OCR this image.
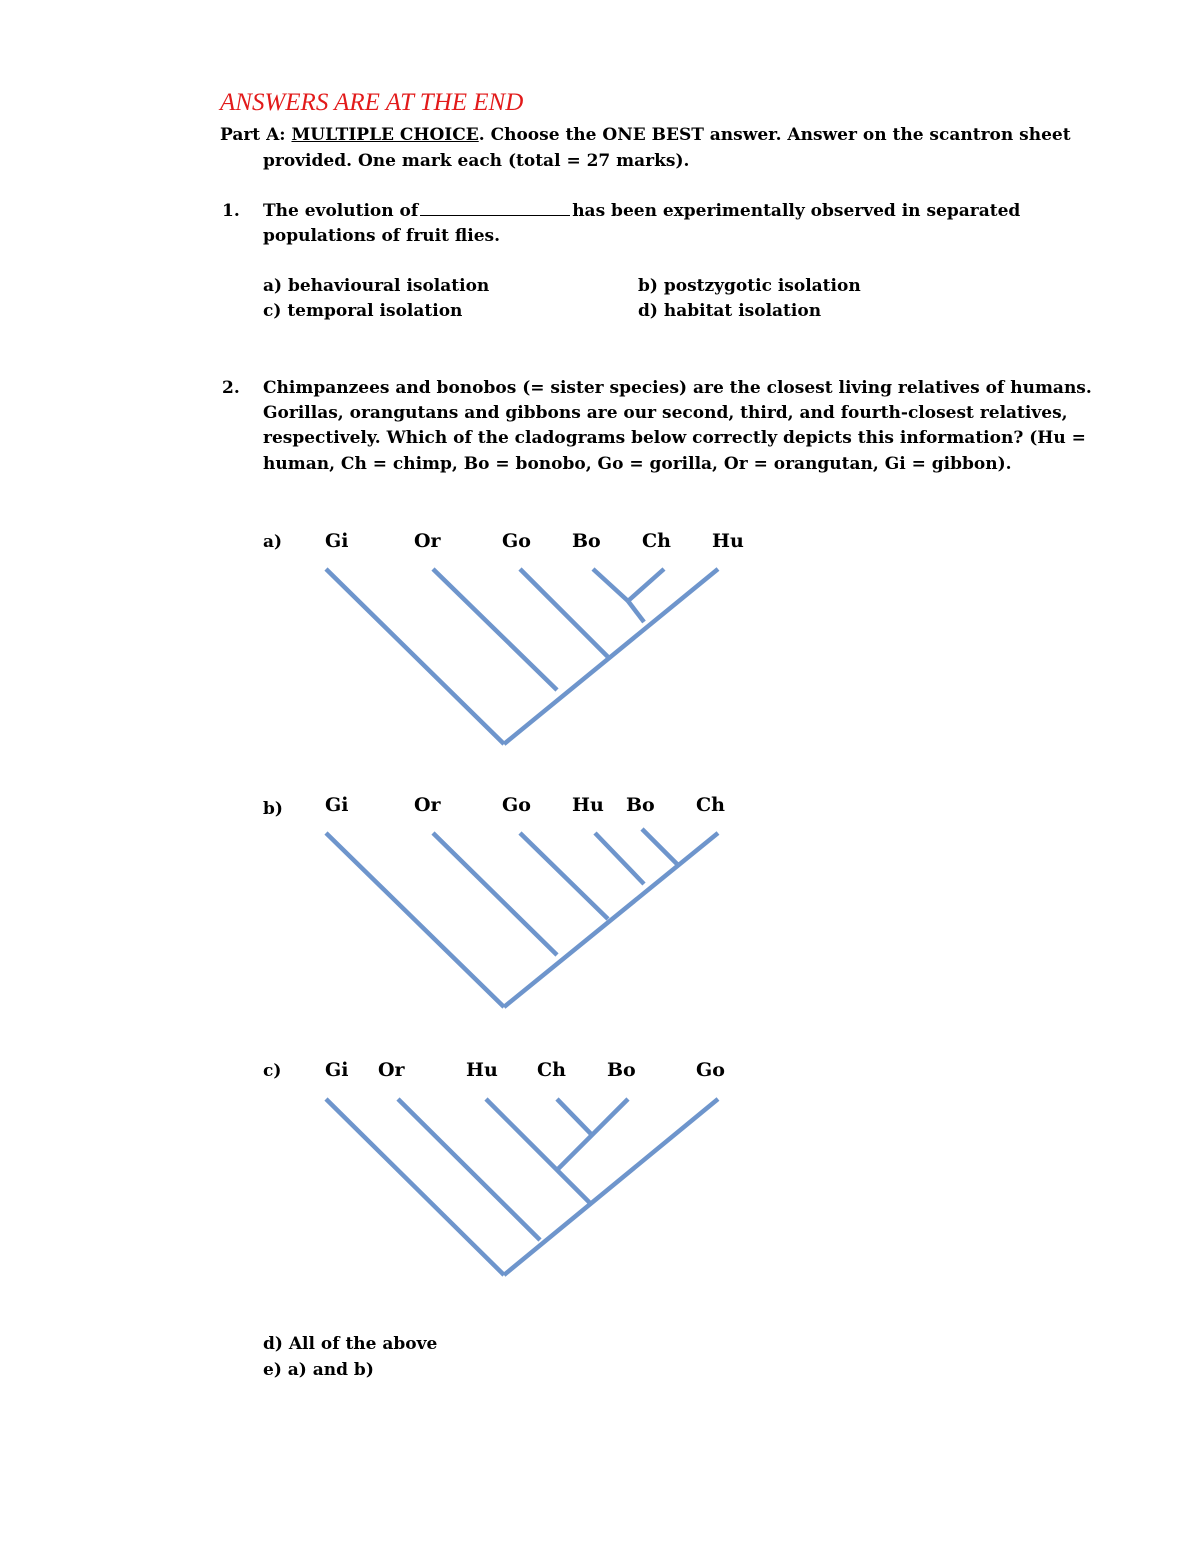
ANSWERS ARE AT THE END
Part A: MULTIPLE CHOICE. Choose the ONE BEST answer. Answer on the scantron sheet
provided. One mark each (total = 27 marks).
1. The evolution of	has been experimentally observed in separated
populations of fruit flies.
a) behavioural isolation	b) postzygotic isolation
c) temporal isolation	d) habitat isolation
2. Chimpanzees and bonobos (= sister species) are the closest living relatives of humans.
Gorillas, orangutans and gibbons are our second, third, and fourth-closest relatives,
respectively. Which of the cladograms below correctly depicts this information? (Hu =
human, Ch = chimp, Bo = bonobo, Go = gorilla, Or = orangutan, Gi = gibbon).
a) Gi	Or	Go Bo Ch Hu
b) Gi	Or	Go Hu Bo Ch
c) Gi Or	Hu Ch Bo	Go
d) All of the above
e) a) and b)
